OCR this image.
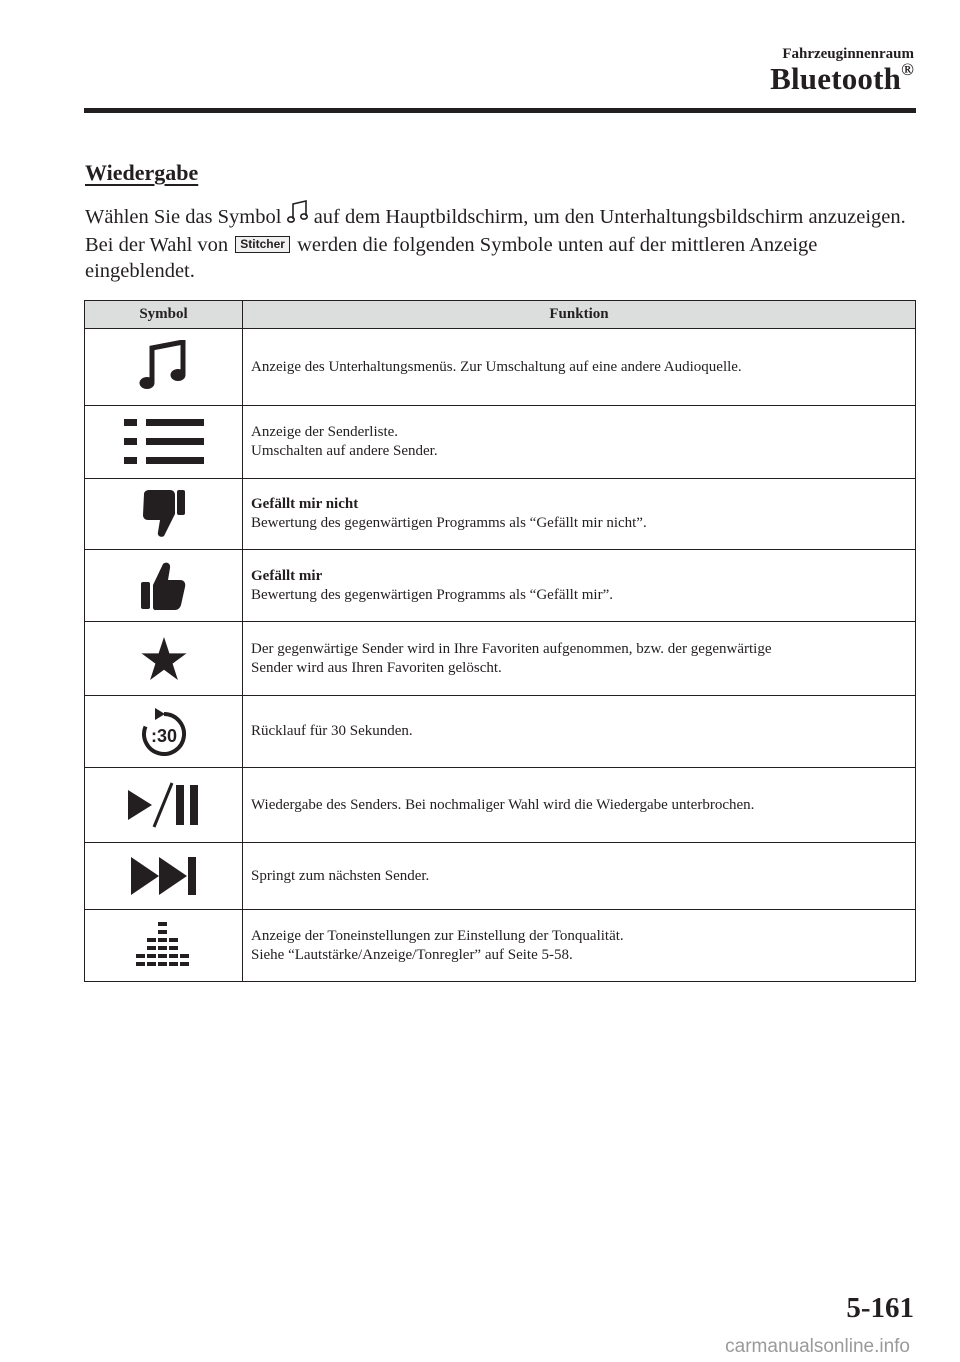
Fahrzeuginnenraum
Bluetooth®
Wiedergabe
Wählen Sie das Symbol  auf dem Hauptbildschirm, um den Unterhaltungsbildschirm anzuzeigen. Bei der Wahl von Stitcher werden die folgenden Symbole unten auf der mittleren Anzeige eingeblendet.
Symbol	Funktion

Anzeige des Unterhaltungsmenüs. Zur Umschaltung auf eine andere Audioquelle.

Anzeige der Senderliste.
Umschalten auf andere Sender.

Gefällt mir nicht
Bewertung des gegenwärtigen Programms als “Gefällt mir nicht”.

Gefällt mir
Bewertung des gegenwärtigen Programms als “Gefällt mir”.

Der gegenwärtige Sender wird in Ihre Favoriten aufgenommen, bzw. der gegenwärtige
Sender wird aus Ihren Favoriten gelöscht.

:30	Rücklauf für 30 Sekunden.

Wiedergabe des Senders. Bei nochmaliger Wahl wird die Wiedergabe unterbrochen.

Springt zum nächsten Sender.

Anzeige der Toneinstellungen zur Einstellung der Tonqualität.
Siehe “Lautstärke/Anzeige/Tonregler” auf Seite 5-58.
5-161
carmanualsonline.info
